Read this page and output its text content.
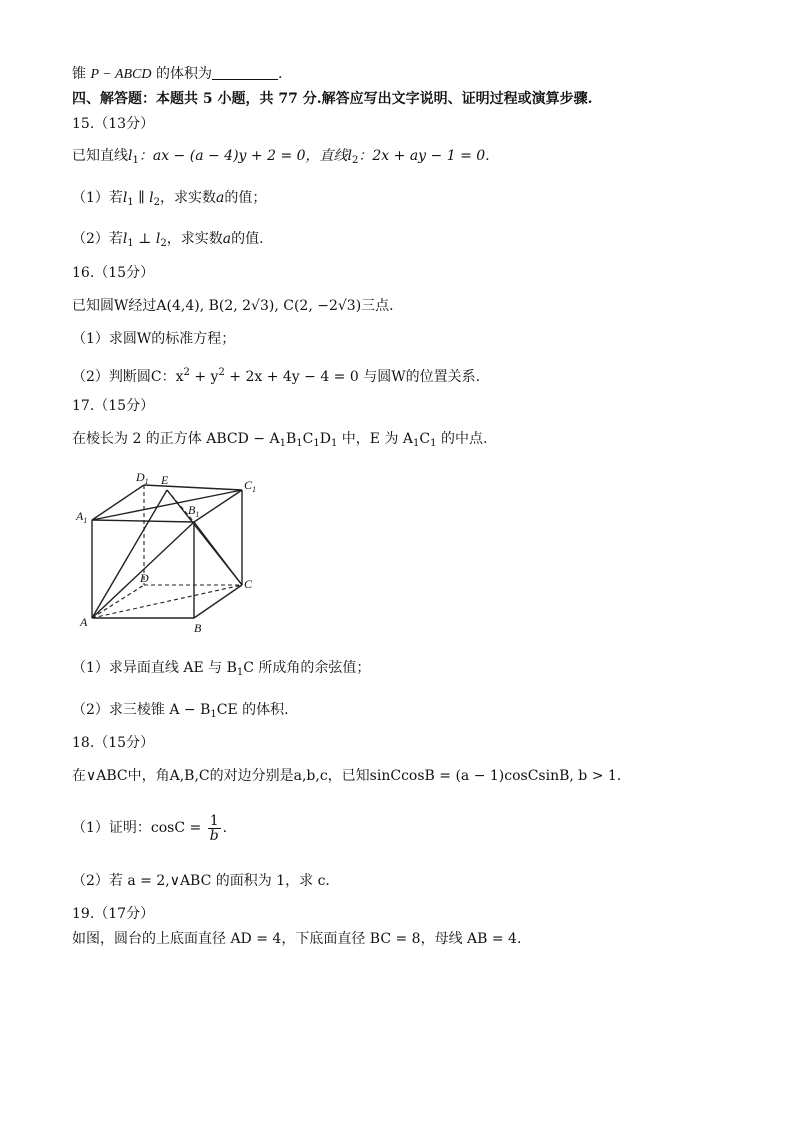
锥 P − ABCD 的体积为	.
四、解答题：本题共 5 小题，共 77 分.解答应写出文字说明、证明过程或演算步骤.
15.（13分）
已知直线$l_1$：ax − (a − 4)y + 2 = 0，直线$l_2$：2x + ay − 1 = 0.
（1）若$l_1$ ∥ $l_2$，求实数a的值；
（2）若$l_1$ ⊥ $l_2$，求实数a的值.
16.（15分）
已知圆W经过A(4,4), B(2, 2√3), C(2, −2√3)三点.
（1）求圆W的标准方程；
（2）判断圆C：$x^2 + y^2 + 2x + 4y - 4 = 0$ 与圆W的位置关系.
17.（15分）
在棱长为 2 的正方体 ABCD − $A_1B_1C_1D_1$ 中，E 为 $A_1C_1$ 的中点.
$D_1$	$C_1$
E
$B_1$
$A_1$
D	C
A	B
（1）求异面直线 AE 与 $B_1C$ 所成角的余弦值；
（2）求三棱锥 $A - B_1CE$ 的体积.
18.（15分）
在∨ABC中，角A,B,C的对边分别是a,b,c，已知sinCcosB = (a − 1)cosCsinB, b > 1.
（1）证明：$\cos C = \frac{1}{b}$ .
（2）若 a = 2,∨ABC 的面积为 1，求 c.
19.（17分）
如图，圆台的上底面直径 AD = 4，下底面直径 BC = 8，母线 AB = 4.
